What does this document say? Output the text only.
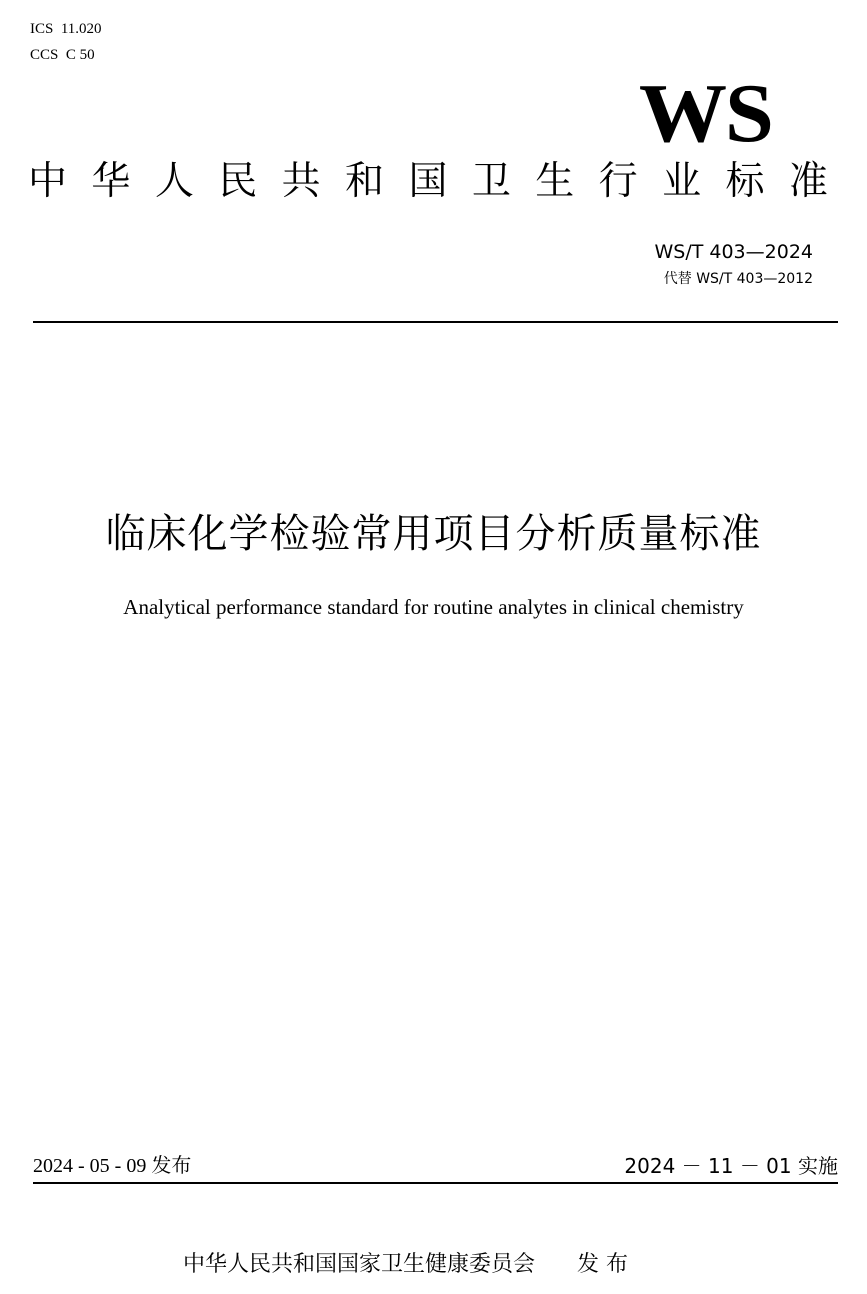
ICS  11.020
CCS  C 50
WS
中 华 人 民 共 和 国 卫 生 行 业 标 准
WS/T 403—2024
代替 WS/T 403—2012
临床化学检验常用项目分析质量标准
Analytical performance standard for routine analytes in clinical chemistry
2024 - 05 - 09 发布	2024 － 11 － 01 实施
中华人民共和国国家卫生健康委员会 发 布
